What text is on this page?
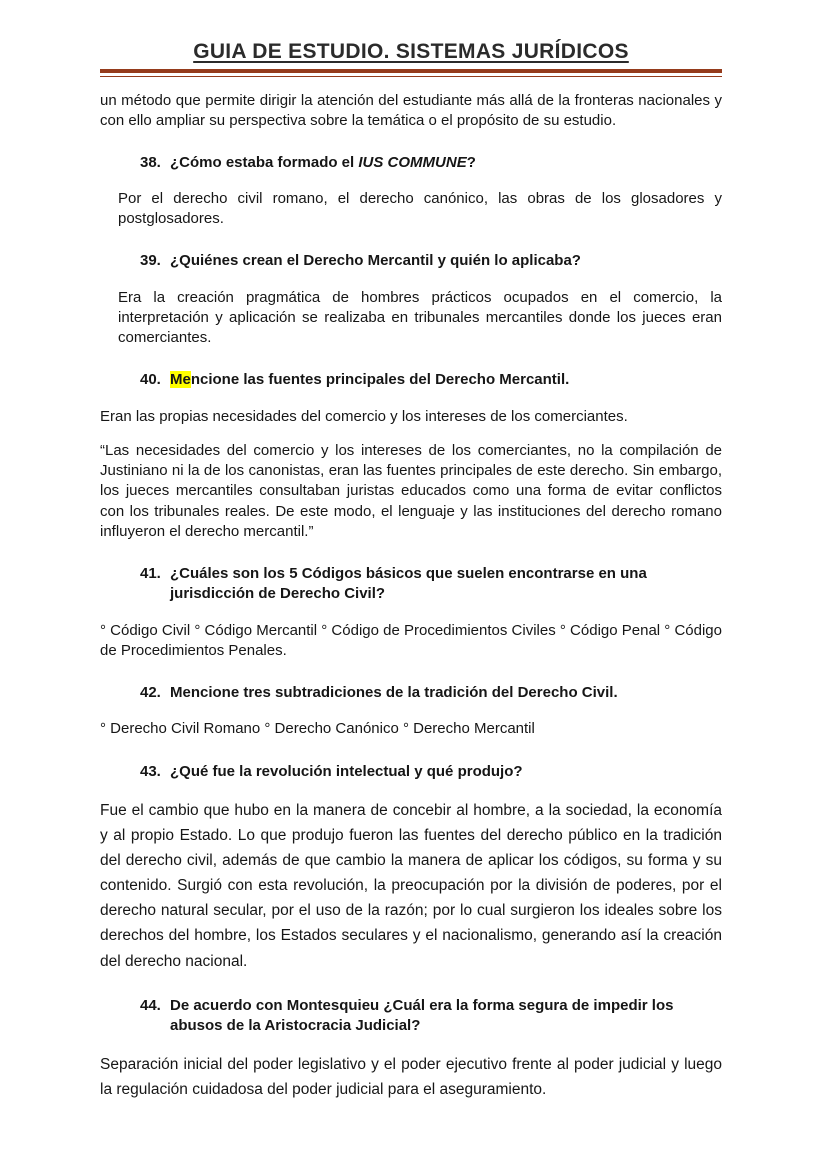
GUIA DE ESTUDIO. SISTEMAS JURÍDICOS

un método que permite dirigir la atención del estudiante más allá de la fronteras nacionales y con ello ampliar su perspectiva sobre la temática o el propósito de su estudio.

38. ¿Cómo estaba formado el IUS COMMUNE?

Por el derecho civil romano, el derecho canónico, las obras de los glosadores y postglosadores.

39. ¿Quiénes crean el Derecho Mercantil y quién lo aplicaba?

Era la creación pragmática de hombres prácticos ocupados en el comercio, la interpretación y aplicación se realizaba en tribunales mercantiles donde los jueces eran comerciantes.

40. Mencione las fuentes principales del Derecho Mercantil.

Eran las propias necesidades del comercio y los intereses de los comerciantes.

“Las necesidades del comercio y los intereses de los comerciantes, no la compilación de Justiniano ni la de los canonistas, eran las fuentes principales de este derecho. Sin embargo, los jueces mercantiles consultaban juristas educados como una forma de evitar conflictos con los tribunales reales. De este modo, el lenguaje y las instituciones del derecho romano influyeron el derecho mercantil.”

41. ¿Cuáles son los 5 Códigos básicos que suelen encontrarse en una jurisdicción de Derecho Civil?

° Código Civil ° Código Mercantil ° Código de Procedimientos Civiles ° Código Penal ° Código de Procedimientos Penales.

42. Mencione tres subtradiciones de la tradición del Derecho Civil.

° Derecho Civil Romano ° Derecho Canónico ° Derecho Mercantil

43. ¿Qué fue la revolución intelectual y qué produjo?

Fue el cambio que hubo en la manera de concebir al hombre, a la sociedad, la economía y al propio Estado. Lo que produjo fueron las fuentes del derecho público en la tradición del derecho civil, además de que cambio la manera de aplicar los códigos, su forma y su contenido. Surgió con esta revolución, la preocupación por la división de poderes, por el derecho natural secular, por el uso de la razón; por lo cual surgieron los ideales sobre los derechos del hombre, los Estados seculares y el nacionalismo, generando así la creación del derecho nacional.

44. De acuerdo con Montesquieu ¿Cuál era la forma segura de impedir los abusos de la Aristocracia Judicial?

Separación inicial del poder legislativo y el poder ejecutivo frente al poder judicial y luego la regulación cuidadosa del poder judicial para el aseguramiento.
